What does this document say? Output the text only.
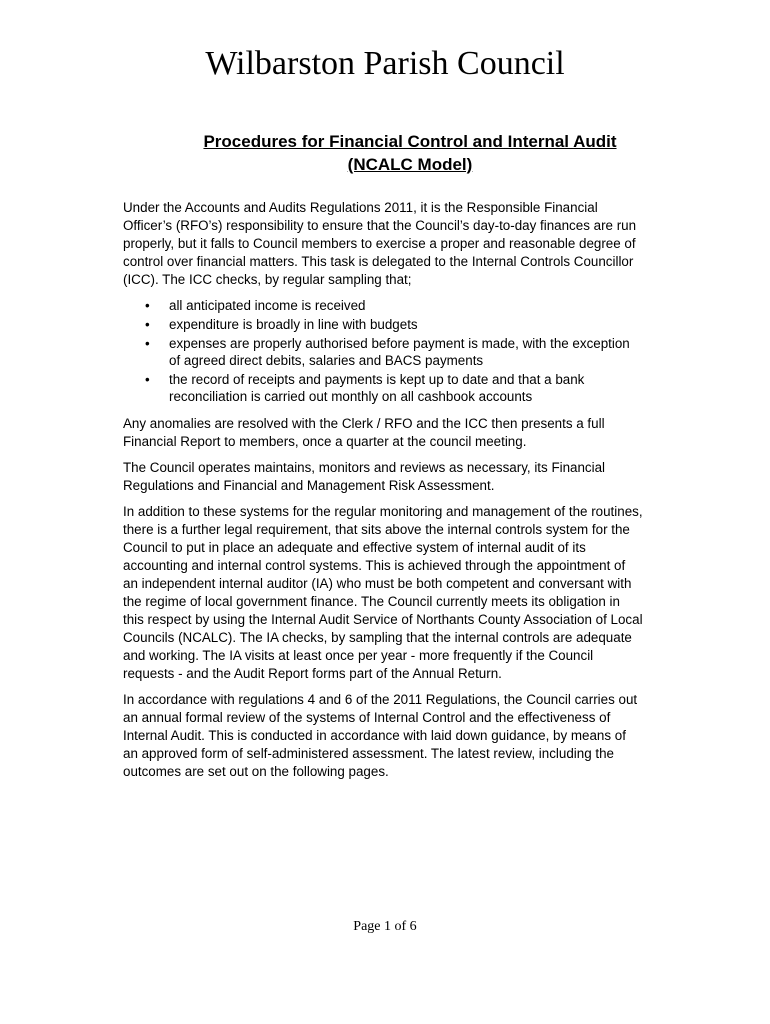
Wilbarston Parish Council
Procedures for Financial Control and Internal Audit
(NCALC Model)

Under the Accounts and Audits Regulations 2011, it is the Responsible Financial Officer’s (RFO’s) responsibility to ensure that the Council’s day-to-day finances are run properly, but it falls to Council members to exercise a proper and reasonable degree of control over financial matters. This task is delegated to the Internal Controls Councillor (ICC). The ICC checks, by regular sampling that;

• all anticipated income is received
• expenditure is broadly in line with budgets
• expenses are properly authorised before payment is made, with the exception of agreed direct debits, salaries and BACS payments
• the record of receipts and payments is kept up to date and that a bank reconciliation is carried out monthly on all cashbook accounts

Any anomalies are resolved with the Clerk / RFO and the ICC then presents a full Financial Report to members, once a quarter at the council meeting.

The Council operates maintains, monitors and reviews as necessary, its Financial Regulations and Financial and Management Risk Assessment.

In addition to these systems for the regular monitoring and management of the routines, there is a further legal requirement, that sits above the internal controls system for the Council to put in place an adequate and effective system of internal audit of its accounting and internal control systems. This is achieved through the appointment of an independent internal auditor (IA) who must be both competent and conversant with the regime of local government finance. The Council currently meets its obligation in this respect by using the Internal Audit Service of Northants County Association of Local Councils (NCALC). The IA checks, by sampling that the internal controls are adequate and working. The IA visits at least once per year - more frequently if the Council requests - and the Audit Report forms part of the Annual Return.

In accordance with regulations 4 and 6 of the 2011 Regulations, the Council carries out an annual formal review of the systems of Internal Control and the effectiveness of Internal Audit. This is conducted in accordance with laid down guidance, by means of an approved form of self-administered assessment. The latest review, including the outcomes are set out on the following pages.

Page 1 of 6
